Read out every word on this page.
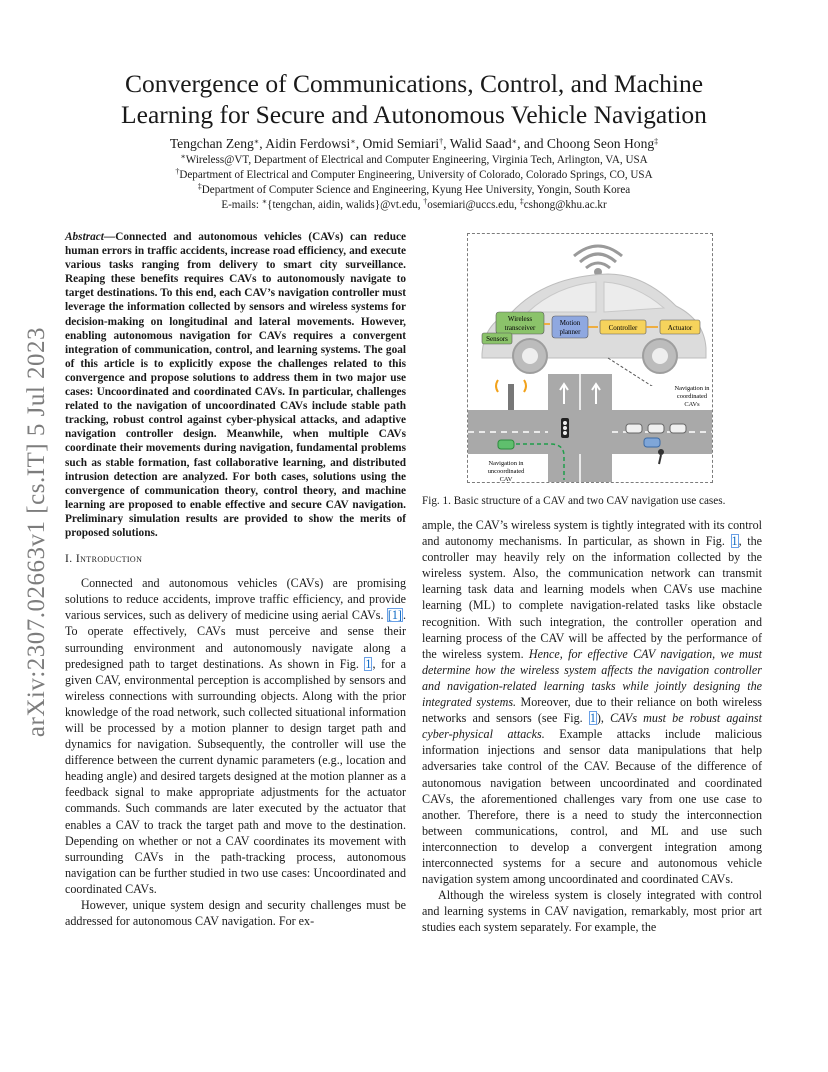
arXiv:2307.02663v1 [cs.IT] 5 Jul 2023
Convergence of Communications, Control, and Machine
Learning for Secure and Autonomous Vehicle Navigation
Tengchan Zeng∗, Aidin Ferdowsi∗, Omid Semiari†, Walid Saad∗, and Choong Seon Hong‡
∗Wireless@VT, Department of Electrical and Computer Engineering, Virginia Tech, Arlington, VA, USA
†Department of Electrical and Computer Engineering, University of Colorado, Colorado Springs, CO, USA
‡Department of Computer Science and Engineering, Kyung Hee University, Yongin, South Korea
E-mails: ∗{tengchan, aidin, walids}@vt.edu, †osemiari@uccs.edu, ‡cshong@khu.ac.kr

Abstract—Connected and autonomous vehicles (CAVs) can reduce human errors in traffic accidents, increase road efficiency, and execute various tasks ranging from delivery to smart city surveillance. Reaping these benefits requires CAVs to autonomously navigate to target destinations. To this end, each CAV’s navigation controller must leverage the information collected by sensors and wireless systems for decision-making on longitudinal and lateral movements. However, enabling autonomous navigation for CAVs requires a convergent integration of communication, control, and learning systems. The goal of this article is to explicitly expose the challenges related to this convergence and propose solutions to address them in two major use cases: Uncoordinated and coordinated CAVs. In particular, challenges related to the navigation of uncoordinated CAVs include stable path tracking, robust control against cyber-physical attacks, and adaptive navigation controller design. Meanwhile, when multiple CAVs coordinate their movements during navigation, fundamental problems such as stable formation, fast collaborative learning, and distributed intrusion detection are analyzed. For both cases, solutions using the convergence of communication theory, control theory, and machine learning are proposed to enable effective and secure CAV navigation. Preliminary simulation results are provided to show the merits of proposed solutions.

I. Introduction

Connected and autonomous vehicles (CAVs) are promising solutions to reduce accidents, improve traffic efficiency, and provide various services, such as delivery of medicine using aerial CAVs. [1]. To operate effectively, CAVs must perceive and sense their surrounding environment and autonomously navigate along a predesigned path to target destinations. As shown in Fig. 1, for a given CAV, environmental perception is accomplished by sensors and wireless connections with surrounding objects. Along with the prior knowledge of the road network, such collected situational information will be processed by a motion planner to design target path and dynamics for navigation. Subsequently, the controller will use the difference between the current dynamic parameters (e.g., location and heading angle) and desired targets designed at the motion planner as a feedback signal to make appropriate adjustments for the actuator commands. Such commands are later executed by the actuator that enables a CAV to track the target path and move to the destination. Depending on whether or not a CAV coordinates its movement with surrounding CAVs in the path-tracking process, autonomous navigation can be further studied in two use cases: Uncoordinated and coordinated CAVs.

However, unique system design and security challenges must be addressed for autonomous CAV navigation. For ex-

Wireless
transceiver
Sensors
Motion
planner	Controller	Actuator
Navigation in
coordinated
CAVs
Navigation in
uncoordinated
CAV
Fig. 1. Basic structure of a CAV and two CAV navigation use cases.

ample, the CAV’s wireless system is tightly integrated with its control and autonomy mechanisms. In particular, as shown in Fig. 1, the controller may heavily rely on the information collected by the wireless system. Also, the communication network can transmit learning task data and learning models when CAVs use machine learning (ML) to complete navigation-related tasks like obstacle recognition. With such integration, the controller operation and learning process of the CAV will be affected by the performance of the wireless system. Hence, for effective CAV navigation, we must determine how the wireless system affects the navigation controller and navigation-related learning tasks while jointly designing the integrated systems. Moreover, due to their reliance on both wireless networks and sensors (see Fig. 1), CAVs must be robust against cyber-physical attacks. Example attacks include malicious information injections and sensor data manipulations that help adversaries take control of the CAV. Because of the difference of autonomous navigation between uncoordinated and coordinated CAVs, the aforementioned challenges vary from one use case to another. Therefore, there is a need to study the interconnection between communications, control, and ML and use such interconnection to develop a convergent integration among interconnected systems for a secure and autonomous vehicle navigation system among uncoordinated and coordinated CAVs.

Although the wireless system is closely integrated with control and learning systems in CAV navigation, remarkably, most prior art studies each system separately. For example, the
